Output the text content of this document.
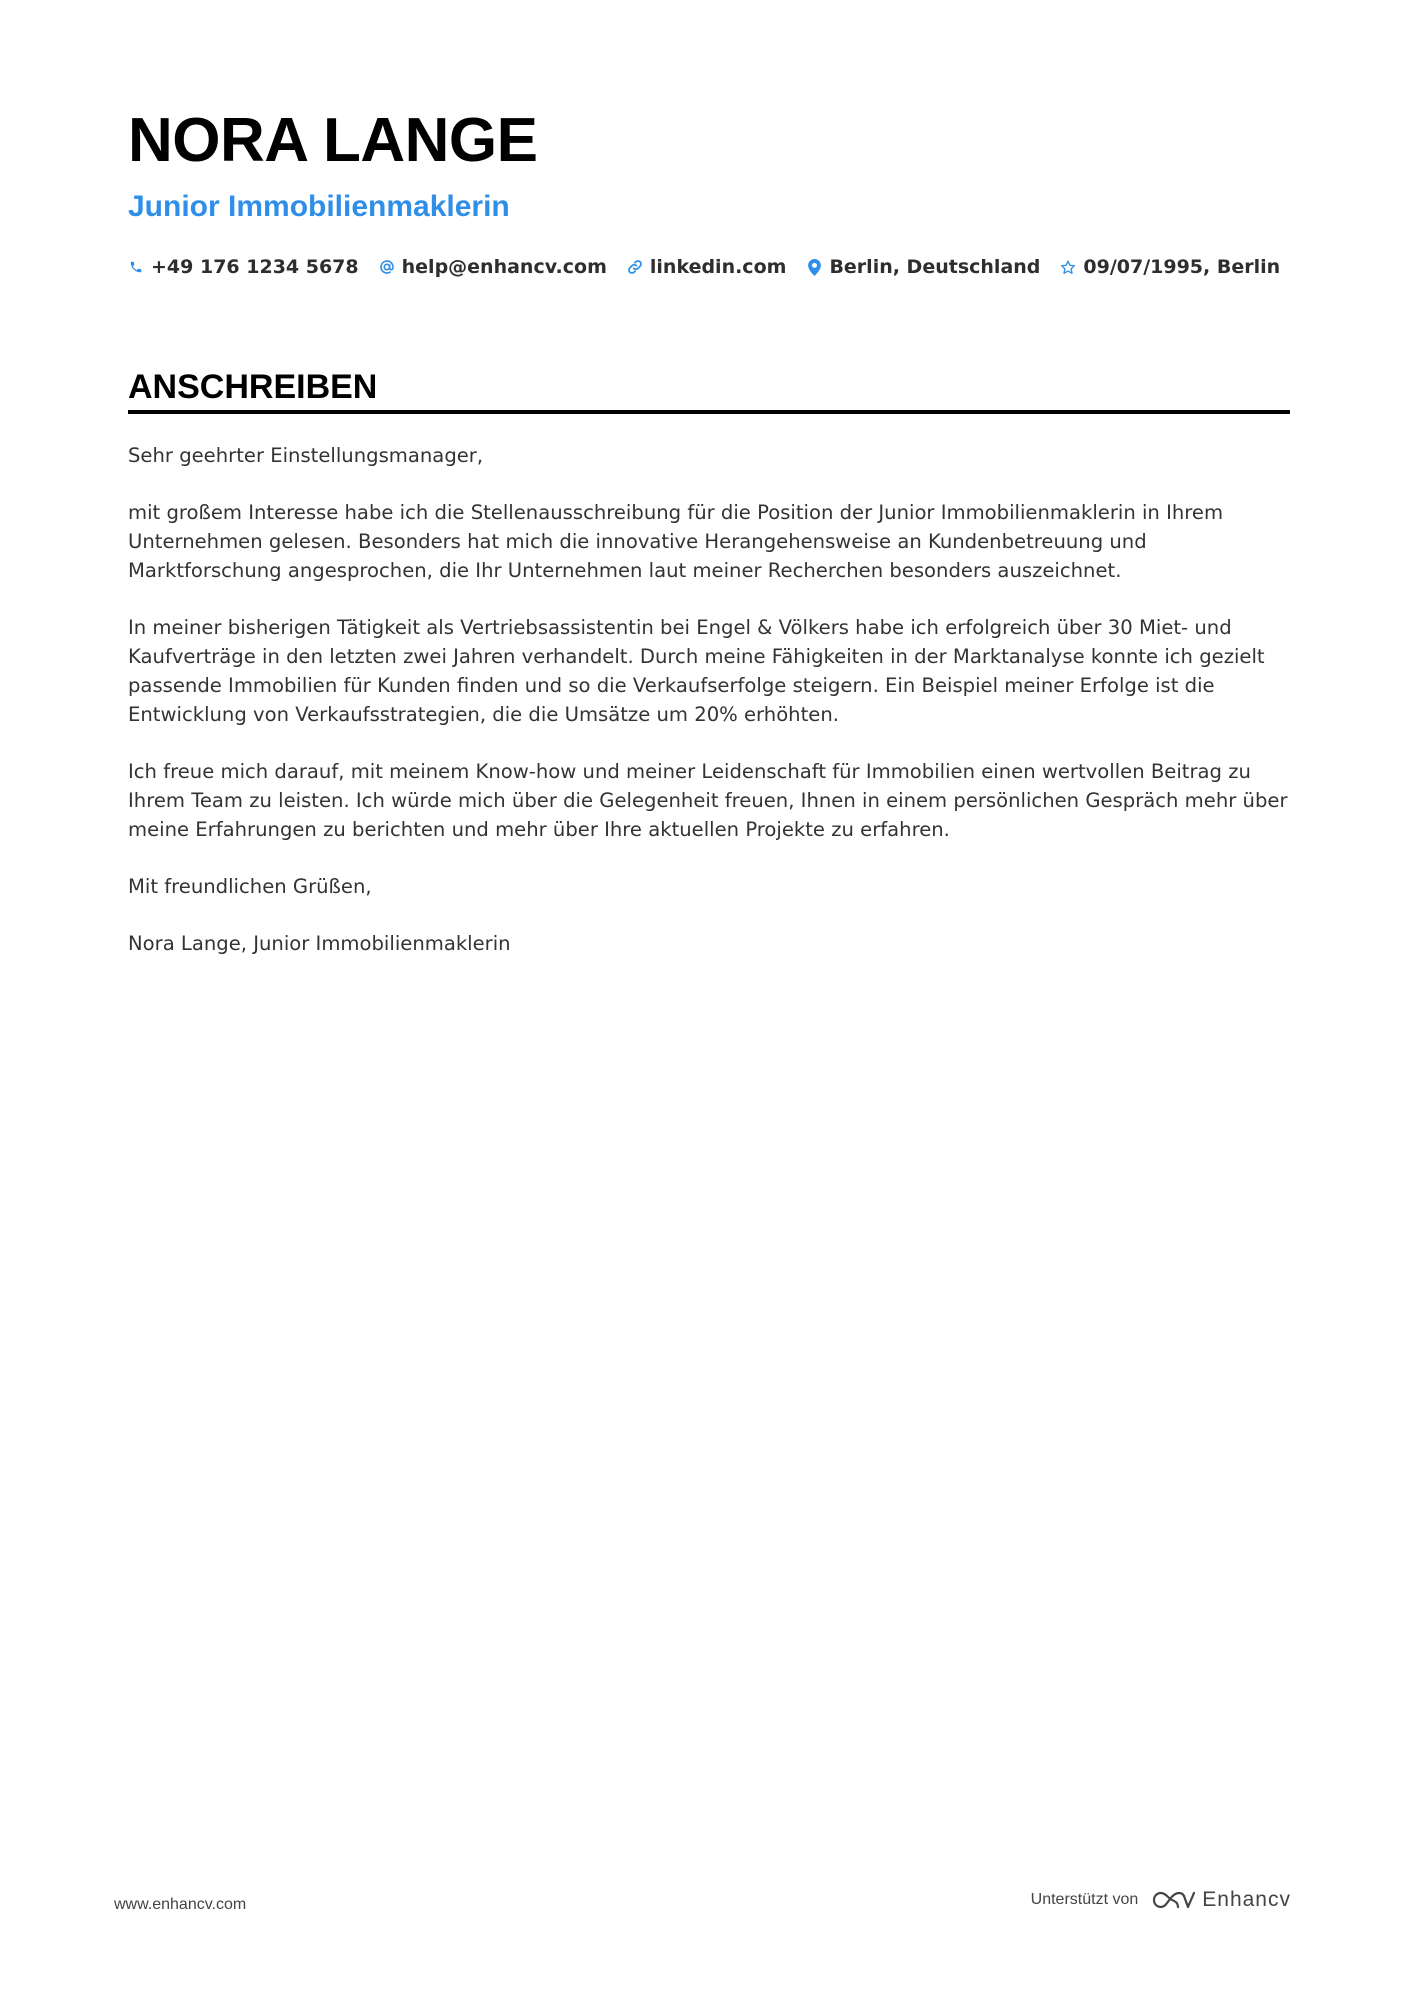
NORA LANGE
Junior Immobilienmaklerin
+49 176 1234 5678 help@enhancv.com linkedin.com Berlin, Deutschland 09/07/1995, Berlin
ANSCHREIBEN

Sehr geehrter Einstellungsmanager,

mit großem Interesse habe ich die Stellenausschreibung für die Position der Junior Immobilienmaklerin in Ihrem Unternehmen gelesen. Besonders hat mich die innovative Herangehensweise an Kundenbetreuung und Marktforschung angesprochen, die Ihr Unternehmen laut meiner Recherchen besonders auszeichnet.

In meiner bisherigen Tätigkeit als Vertriebsassistentin bei Engel & Völkers habe ich erfolgreich über 30 Miet- und Kaufverträge in den letzten zwei Jahren verhandelt. Durch meine Fähigkeiten in der Marktanalyse konnte ich gezielt passende Immobilien für Kunden finden und so die Verkaufserfolge steigern. Ein Beispiel meiner Erfolge ist die Entwicklung von Verkaufsstrategien, die die Umsätze um 20% erhöhten.

Ich freue mich darauf, mit meinem Know-how und meiner Leidenschaft für Immobilien einen wertvollen Beitrag zu Ihrem Team zu leisten. Ich würde mich über die Gelegenheit freuen, Ihnen in einem persönlichen Gespräch mehr über meine Erfahrungen zu berichten und mehr über Ihre aktuellen Projekte zu erfahren.

Mit freundlichen Grüßen,

Nora Lange, Junior Immobilienmaklerin

www.enhancv.com	Unterstützt von	Enhancv
